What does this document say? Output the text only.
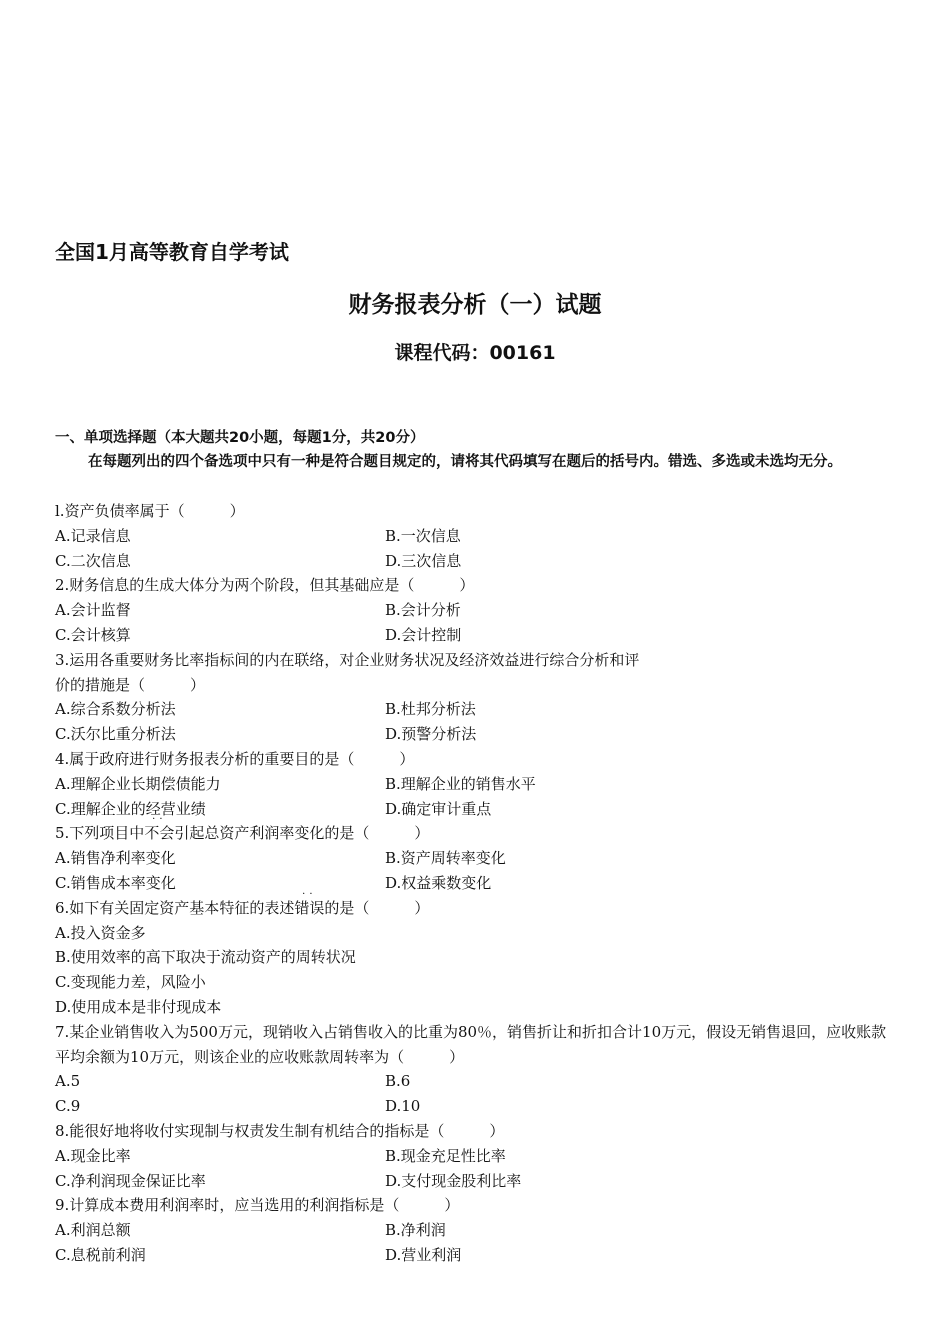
全国1月高等教育自学考试
财务报表分析（一）试题
课程代码：00161
一、单项选择题（本大题共20小题，每题1分，共20分）
在每题列出的四个备选项中只有一种是符合题目规定的，请将其代码填写在题后的括号内。错选、多选或未选均无分。
l.资产负债率属于（　　　）
A.记录信息	B.一次信息
C.二次信息	D.三次信息
2.财务信息的生成大体分为两个阶段，但其基础应是（　　　）
A.会计监督	B.会计分析
C.会计核算	D.会计控制
3.运用各重要财务比率指标间的内在联络，对企业财务状况及经济效益进行综合分析和评
价的措施是（　　　）
A.综合系数分析法	B.杜邦分析法
C.沃尔比重分析法	D.预警分析法
4.属于政府进行财务报表分析的重要目的是（　　　）
A.理解企业长期偿债能力	B.理解企业的销售水平
C.理解企业的经营业绩	D.确定审计重点
5.下列项目中
··
不会引起总资产利润率变化的是（　　　）
A.销售净利率变化	B.资产周转率变化
C.销售成本率变化	D.权益乘数变化
6.如下有关固定资产基本特征的表述
··
错误的是（　　　）
A.投入资金多
B.使用效率的高下取决于流动资产的周转状况
C.变现能力差，风险小
D.使用成本是非付现成本
7.某企业销售收入为500万元，现销收入占销售收入的比重为80％，销售折让和折扣合计10万元，假设无销售退回，应收账款平均余额为10万元，则该企业的应收账款周转率为（　　　）
A.5	B.6
C.9	D.10
8.能很好地将收付实现制与权责发生制有机结合的指标是（　　　）
A.现金比率	B.现金充足性比率
C.净利润现金保证比率	D.支付现金股利比率
9.计算成本费用利润率时，应当选用的利润指标是（　　　）
A.利润总额	B.净利润
C.息税前利润	D.营业利润
